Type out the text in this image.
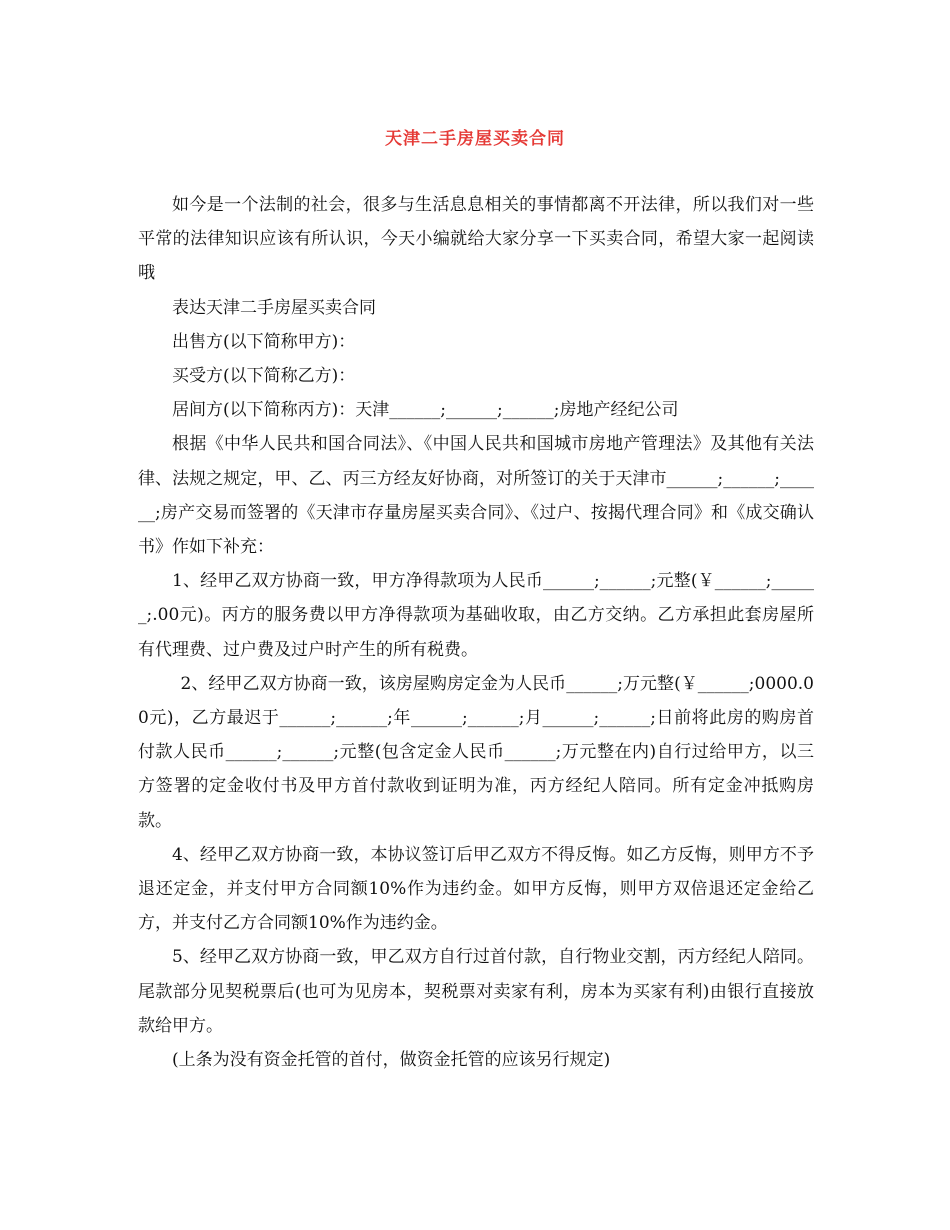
天津二手房屋买卖合同

如今是一个法制的社会，很多与生活息息相关的事情都离不开法律，所以我们对一些平常的法律知识应该有所认识，今天小编就给大家分享一下买卖合同，希望大家一起阅读哦

表达天津二手房屋买卖合同

出售方(以下简称甲方)：

买受方(以下简称乙方)：

居间方(以下简称丙方)：天津______;______;______;房地产经纪公司

根据《中华人民共和国合同法》、《中国人民共和国城市房地产管理法》及其他有关法律、法规之规定，甲、乙、丙三方经友好协商，对所签订的关于天津市______;______;______;房产交易而签署的《天津市存量房屋买卖合同》、《过户、按揭代理合同》和《成交确认书》作如下补充：

1、经甲乙双方协商一致，甲方净得款项为人民币______;______;元整(￥______;______;.00元)。丙方的服务费以甲方净得款项为基础收取，由乙方交纳。乙方承担此套房屋所有代理费、过户费及过户时产生的所有税费。

2、经甲乙双方协商一致，该房屋购房定金为人民币______;万元整(￥______;0000.00元)，乙方最迟于______;______;年______;______;月______;______;日前将此房的购房首付款人民币______;______;元整(包含定金人民币______;万元整在内)自行过给甲方，以三方签署的定金收付书及甲方首付款收到证明为准，丙方经纪人陪同。所有定金冲抵购房款。

4、经甲乙双方协商一致，本协议签订后甲乙双方不得反悔。如乙方反悔，则甲方不予退还定金，并支付甲方合同额10%作为违约金。如甲方反悔，则甲方双倍退还定金给乙方，并支付乙方合同额10%作为违约金。

5、经甲乙双方协商一致，甲乙双方自行过首付款，自行物业交割，丙方经纪人陪同。尾款部分见契税票后(也可为见房本，契税票对卖家有利，房本为买家有利)由银行直接放款给甲方。

(上条为没有资金托管的首付，做资金托管的应该另行规定)
